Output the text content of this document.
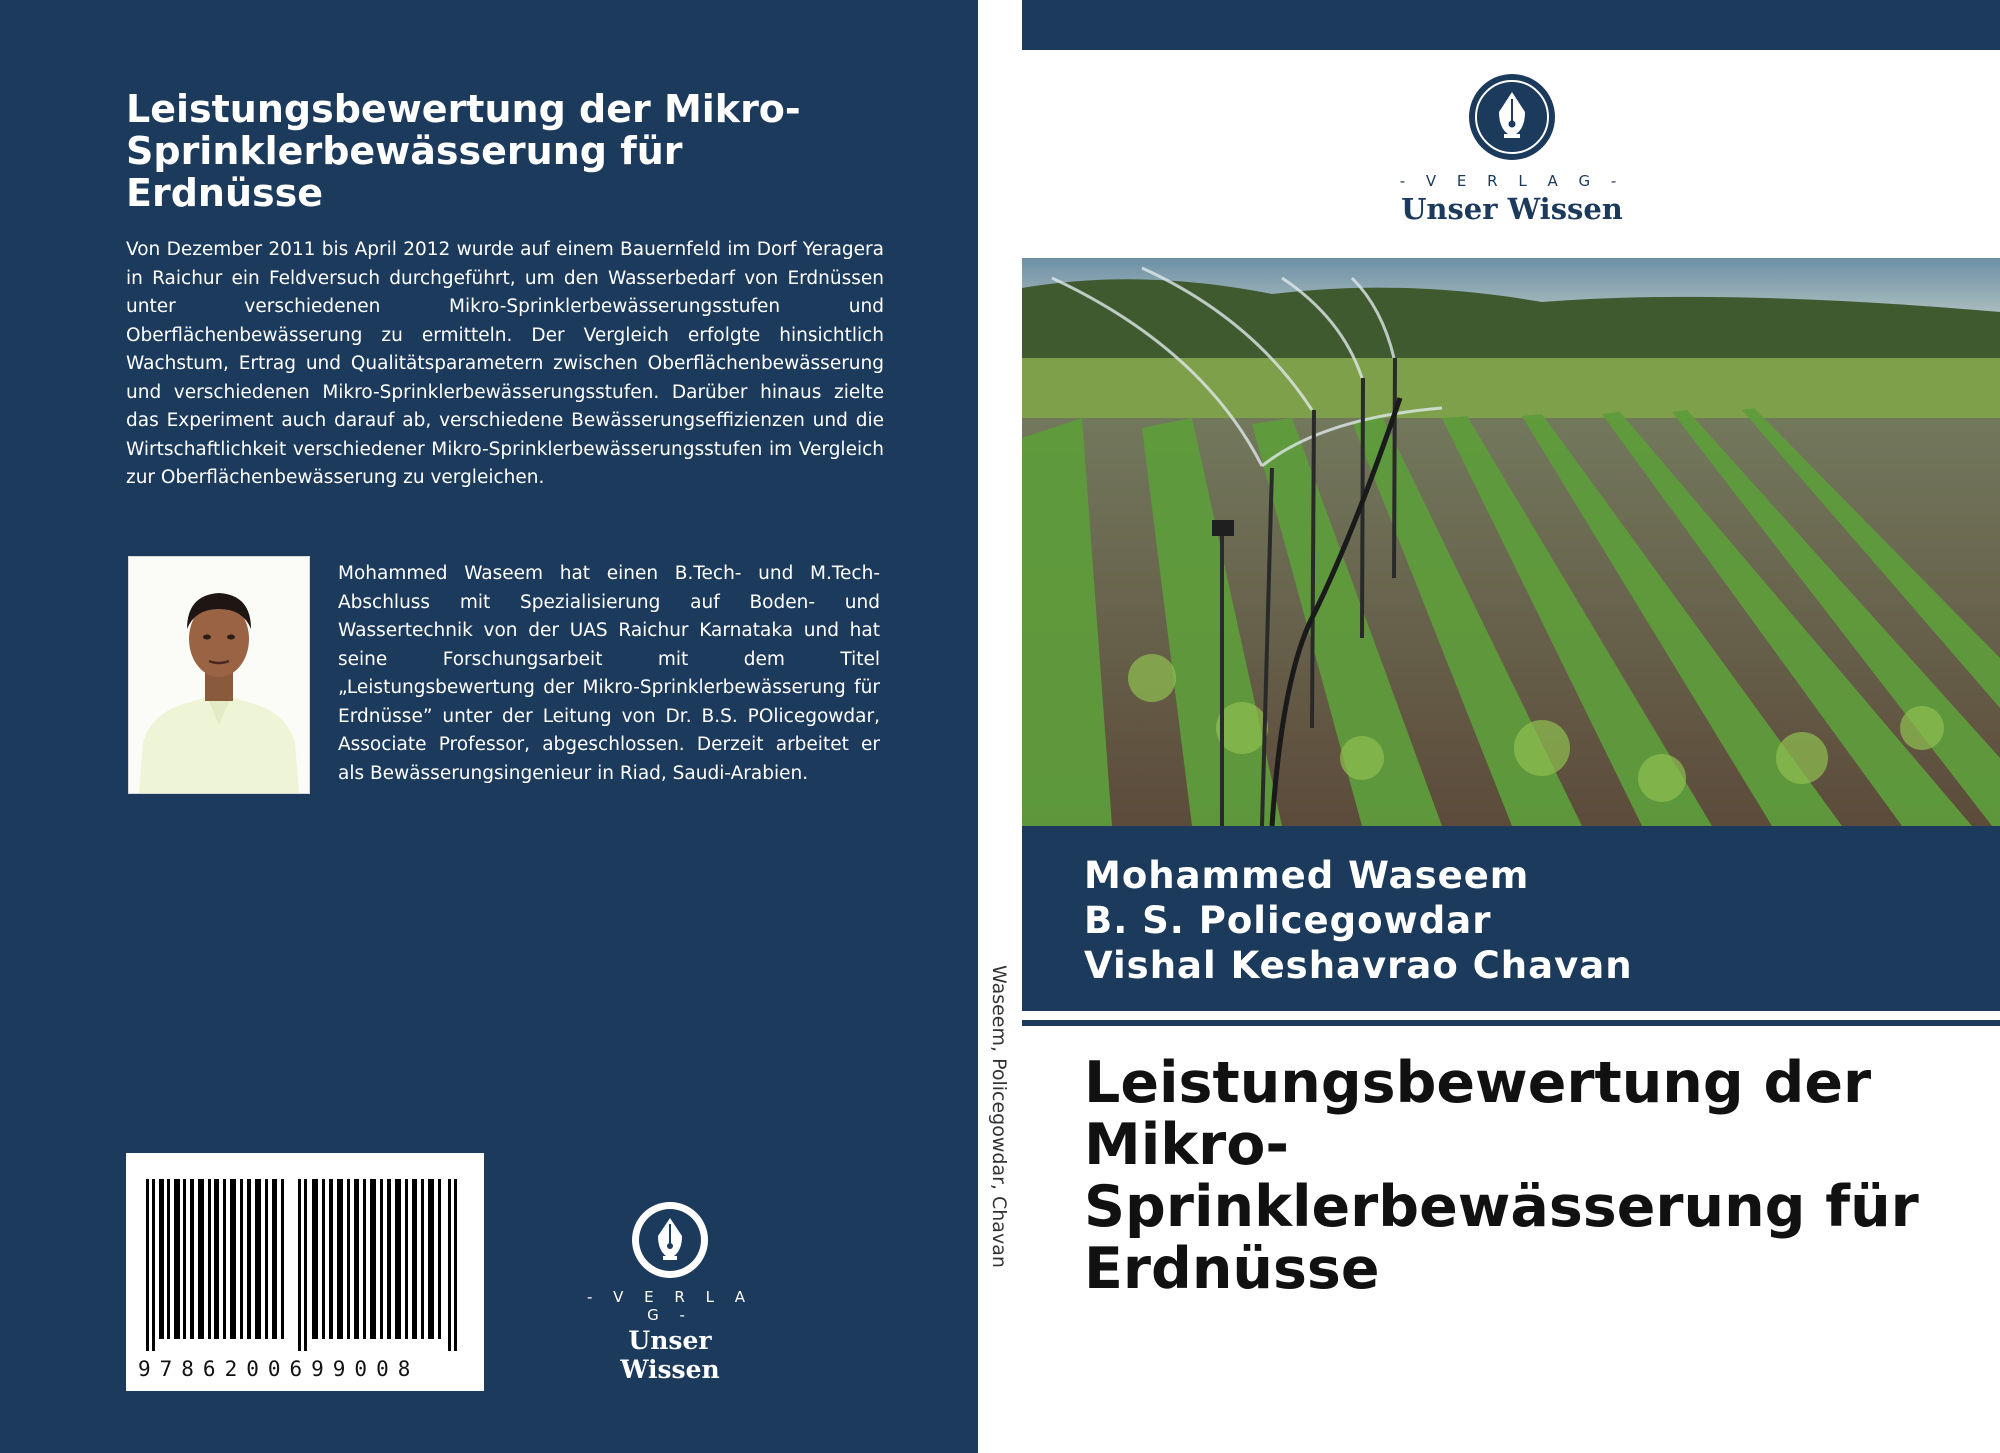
Leistungsbewertung der Mikro-Sprinklerbewässerung für Erdnüsse

Von Dezember 2011 bis April 2012 wurde auf einem Bauernfeld im Dorf Yeragera in Raichur ein Feldversuch durchgeführt, um den Wasserbedarf von Erdnüssen unter verschiedenen Mikro-Sprinklerbewässerungsstufen und Oberflächenbewässerung zu ermitteln. Der Vergleich erfolgte hinsichtlich Wachstum, Ertrag und Qualitätsparametern zwischen Oberflächenbewässerung und verschiedenen Mikro-Sprinklerbewässerungsstufen. Darüber hinaus zielte das Experiment auch darauf ab, verschiedene Bewässerungseffizienzen und die Wirtschaftlichkeit verschiedener Mikro-Sprinklerbewässerungsstufen im Vergleich zur Oberflächenbewässerung zu vergleichen.

Mohammed Waseem hat einen B.Tech- und M.Tech-Abschluss mit Spezialisierung auf Boden- und Wassertechnik von der UAS Raichur Karnataka und hat seine Forschungsarbeit mit dem Titel „Leistungsbewertung der Mikro-Sprinklerbewässerung für Erdnüsse” unter der Leitung von Dr. B.S. POlicegowdar, Associate Professor, abgeschlossen. Derzeit arbeitet er als Bewässerungsingenieur in Riad, Saudi-Arabien.

9786200699008
- V E R L A G -
Unser Wissen
Waseem, Policegowdar, Chavan
- V E R L A G -
Unser Wissen
Mohammed Waseem
B. S. Policegowdar
Vishal Keshavrao Chavan
Leistungsbewertung der Mikro-Sprinklerbewässerung für Erdnüsse
